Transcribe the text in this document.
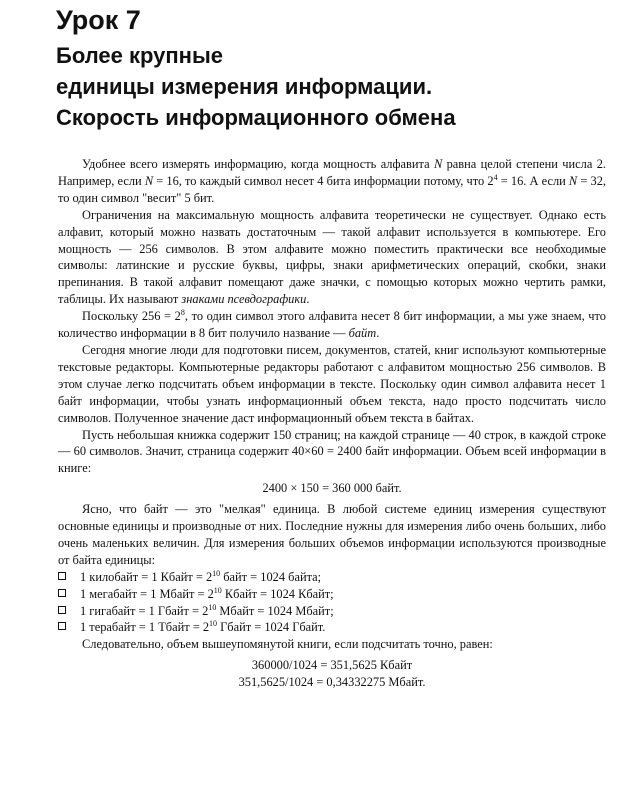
Урок 7
Более крупные
единицы измерения информации.
Скорость информационного обмена

Удобнее всего измерять информацию, когда мощность алфавита N равна целой степени числа 2. Например, если N = 16, то каждый символ несет 4 бита информации потому, что $2^4 = 16$. А если N = 32, то один символ "весит" 5 бит.

Ограничения на максимальную мощность алфавита теоретически не существует. Однако есть алфавит, который можно назвать достаточным — такой алфавит используется в компьютере. Его мощность — 256 символов. В этом алфавите можно поместить практически все необходимые символы: латинские и русские буквы, цифры, знаки арифметических операций, скобки, знаки препинания. В такой алфавит помещают даже значки, с помощью которых можно чертить рамки, таблицы. Их называют знаками псевдографики.

Поскольку $256 = 2^8$, то один символ этого алфавита несет 8 бит информации, а мы уже знаем, что количество информации в 8 бит получило название — байт.

Сегодня многие люди для подготовки писем, документов, статей, книг используют компьютерные текстовые редакторы. Компьютерные редакторы работают с алфавитом мощностью 256 символов. В этом случае легко подсчитать объем информации в тексте. Поскольку один символ алфавита несет 1 байт информации, чтобы узнать информационный объем текста, надо просто подсчитать число символов. Полученное значение даст информационный объем текста в байтах.

Пусть небольшая книжка содержит 150 страниц; на каждой странице — 40 строк, в каждой строке — 60 символов. Значит, страница содержит 40×60 = 2400 байт информации. Объем всей информации в книге:

2400 × 150 = 360 000 байт.

Ясно, что байт — это "мелкая" единица. В любой системе единиц измерения существуют основные единицы и производные от них. Последние нужны для измерения либо очень больших, либо очень маленьких величин. Для измерения больших объемов информации используются производные от байта единицы:

1 килобайт = 1 Кбайт = $2^{10}$ байт = 1024 байта;
1 мегабайт = 1 Мбайт = $2^{10}$ Кбайт = 1024 Кбайт;
1 гигабайт = 1 Гбайт = $2^{10}$ Мбайт = 1024 Мбайт;
1 терабайт = 1 Тбайт = $2^{10}$ Гбайт = 1024 Гбайт.

Следовательно, объем вышеупомянутой книги, если подсчитать точно, равен:

360000/1024 = 351,5625 Кбайт
351,5625/1024 = 0,34332275 Мбайт.
